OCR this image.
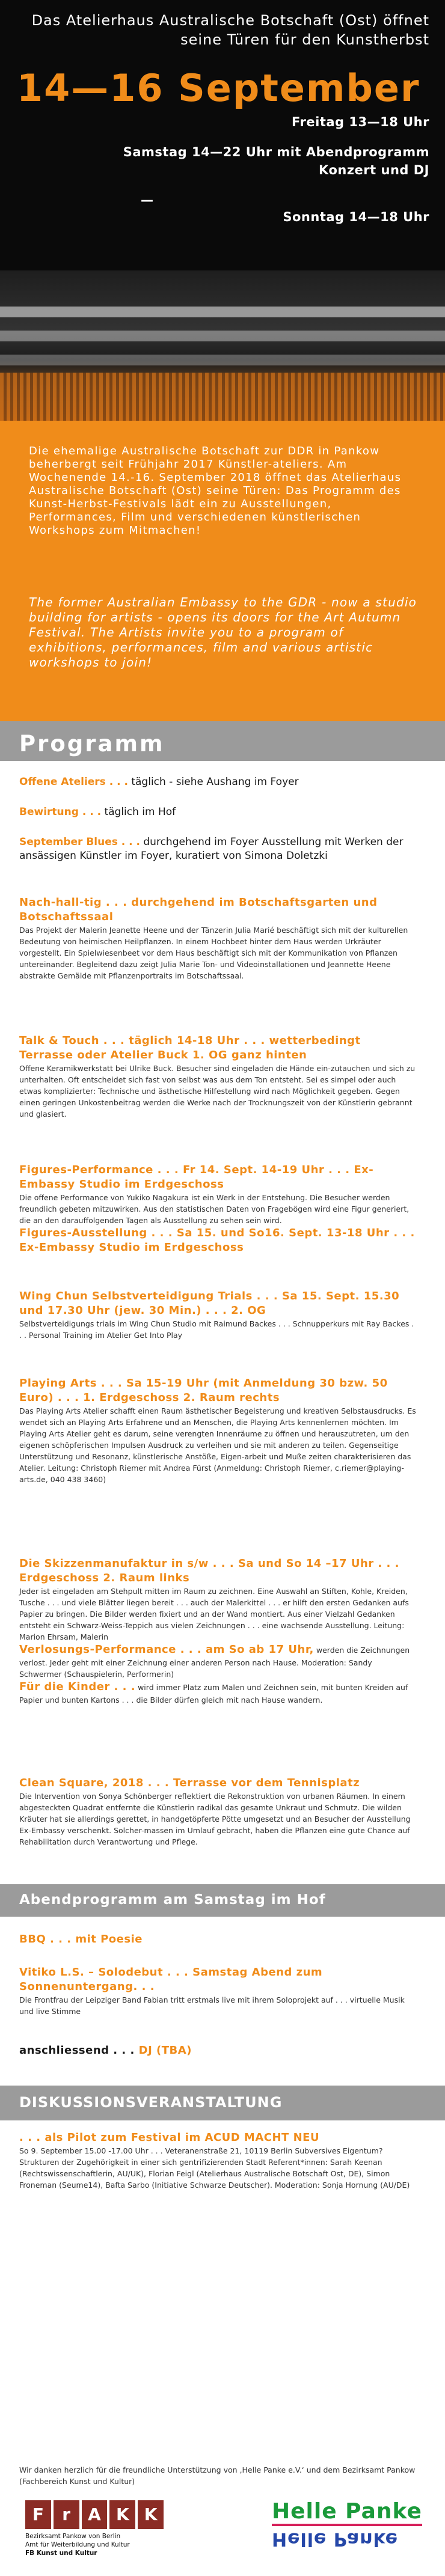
Das Atelierhaus Australische Botschaft (Ost) öffnet seine Türen für den Kunstherbst
14—16 September
Freitag 13—18 Uhr
Samstag 14—22 Uhr mit Abendprogramm Konzert und DJ
—
Sonntag 14—18 Uhr
Die ehemalige Australische Botschaft zur DDR in Pankow beherbergt seit Frühjahr 2017 Künstler-ateliers. Am Wochenende 14.-16. September 2018 öffnet das Atelierhaus Australische Botschaft (Ost) seine Türen: Das Programm des Kunst-Herbst-Festivals lädt ein zu Ausstellungen, Performances, Film und verschiedenen künstlerischen Workshops zum Mitmachen!
The former Australian Embassy to the GDR - now a studio building for artists - opens its doors for the Art Autumn Festival. The Artists invite you to a program of exhibitions, performances, film and various artistic workshops to join!
Programm
Offene Ateliers . . . täglich - siehe Aushang im Foyer
Bewirtung . . . täglich im Hof
September Blues . . . durchgehend im Foyer Ausstellung mit Werken der ansässigen Künstler im Foyer, kuratiert von Simona Doletzki
Nach-hall-tig . . . durchgehend im Botschaftsgarten und Botschaftssaal
Das Projekt der Malerin Jeanette Heene und der Tänzerin Julia Marié beschäftigt sich mit der kulturellen Bedeutung von heimischen Heilpflanzen. In einem Hochbeet hinter dem Haus werden Urkräuter vorgestellt. Ein Spielwiesenbeet vor dem Haus beschäftigt sich mit der Kommunikation von Pflanzen untereinander. Begleitend dazu zeigt Julia Marie Ton- und Videoinstallationen und Jeannette Heene abstrakte Gemälde mit Pflanzenportraits im Botschaftssaal.
Talk & Touch . . . täglich 14-18 Uhr . . . wetterbedingt Terrasse oder Atelier Buck 1. OG ganz hinten
Offene Keramikwerkstatt bei Ulrike Buck. Besucher sind eingeladen die Hände ein-zutauchen und sich zu unterhalten. Oft entscheidet sich fast von selbst was aus dem Ton entsteht. Sei es simpel oder auch etwas komplizierter: Technische und ästhetische Hilfestellung wird nach Möglichkeit gegeben. Gegen einen geringen Unkostenbeitrag werden die Werke nach der Trocknungszeit von der Künstlerin gebrannt und glasiert.
Figures-Performance . . . Fr 14. Sept. 14-19 Uhr . . . Ex-Embassy Studio im Erdgeschoss
Die offene Performance von Yukiko Nagakura ist ein Werk in der Entstehung. Die Besucher werden freundlich gebeten mitzuwirken. Aus den statistischen Daten von Fragebögen wird eine Figur generiert, die an den darauffolgenden Tagen als Ausstellung zu sehen sein wird.
Figures-Ausstellung . . . Sa 15. und So16. Sept. 13-18 Uhr . . . Ex-Embassy Studio im Erdgeschoss
Wing Chun Selbstverteidigung Trials . . . Sa 15. Sept. 15.30 und 17.30 Uhr (jew. 30 Min.) . . . 2. OG
Selbstverteidigungs trials im Wing Chun Studio mit Raimund Backes . . . Schnupperkurs mit Ray Backes . . . Personal Training im Atelier Get Into Play
Playing Arts . . . Sa 15-19 Uhr (mit Anmeldung 30 bzw. 50 Euro) . . . 1. Erdgeschoss 2. Raum rechts
Das Playing Arts Atelier schafft einen Raum ästhetischer Begeisterung und kreativen Selbstausdrucks. Es wendet sich an Playing Arts Erfahrene und an Menschen, die Playing Arts kennenlernen möchten. Im Playing Arts Atelier geht es darum, seine verengten Innenräume zu öffnen und herauszutreten, um den eigenen schöpferischen Impulsen Ausdruck zu verleihen und sie mit anderen zu teilen. Gegenseitige Unterstützung und Resonanz, künstlerische Anstöße, Eigen-arbeit und Muße zeiten charakterisieren das Atelier. Leitung: Christoph Riemer mit Andrea Fürst (Anmeldung: Christoph Riemer, c.riemer@playing-arts.de, 040 438 3460)
Die Skizzenmanufaktur in s/w . . . Sa und So 14 –17 Uhr . . . Erdgeschoss 2. Raum links
Jeder ist eingeladen am Stehpult mitten im Raum zu zeichnen. Eine Auswahl an Stiften, Kohle, Kreiden, Tusche . . . und viele Blätter liegen bereit . . . auch der Malerkittel . . . er hilft den ersten Gedanken aufs Papier zu bringen. Die Bilder werden fixiert und an der Wand montiert. Aus einer Vielzahl Gedanken entsteht ein Schwarz-Weiss-Teppich aus vielen Zeichnungen . . . eine wachsende Ausstellung. Leitung: Marion Ehrsam, Malerin
Verlosungs-Performance . . . am So ab 17 Uhr, werden die Zeichnungen verlost. Jeder geht mit einer Zeichnung einer anderen Person nach Hause. Moderation: Sandy Schwermer (Schauspielerin, Performerin)
Für die Kinder . . . wird immer Platz zum Malen und Zeichnen sein, mit bunten Kreiden auf Papier und bunten Kartons . . . die Bilder dürfen gleich mit nach Hause wandern.
Clean Square, 2018 . . . Terrasse vor dem Tennisplatz
Die Intervention von Sonya Schönberger reflektiert die Rekonstruktion von urbanen Räumen. In einem abgesteckten Quadrat entfernte die Künstlerin radikal das gesamte Unkraut und Schmutz. Die wilden Kräuter hat sie allerdings gerettet, in handgetöpferte Pötte umgesetzt und an Besucher der Ausstellung Ex-Embassy verschenkt. Solcher-massen im Umlauf gebracht, haben die Pflanzen eine gute Chance auf Rehabilitation durch Verantwortung und Pflege.
Abendprogramm am Samstag im Hof
BBQ . . . mit Poesie
Vitiko L.S. – Solodebut . . . Samstag Abend zum Sonnenuntergang. . .
Die Frontfrau der Leipziger Band Fabian tritt erstmals live mit ihrem Soloprojekt auf . . . virtuelle Musik und live Stimme
anschliessend . . . DJ (TBA)
DISKUSSIONSVERANSTALTUNG
. . . als Pilot zum Festival im ACUD MACHT NEU
So 9. September 15.00 -17.00 Uhr . . . Veteranenstraße 21, 10119 Berlin Subversives Eigentum? Strukturen der Zugehörigkeit in einer sich gentrifizierenden Stadt Referent*innen: Sarah Keenan (Rechtswissenschaftlerin, AU/UK), Florian Feigl (Atelierhaus Australische Botschaft Ost, DE), Simon Froneman (Seume14), Bafta Sarbo (Initiative Schwarze Deutscher). Moderation: Sonja Hornung (AU/DE)
Wir danken herzlich für die freundliche Unterstützung von ‚Helle Panke e.V.‘ und dem Bezirksamt Pankow (Fachbereich Kunst und Kultur)
F	r	A K K
Bezirksamt Pankow von Berlin
Amt für Weiterbildung und Kultur
FB Kunst und Kultur
Helle Panke
Helle Panke
